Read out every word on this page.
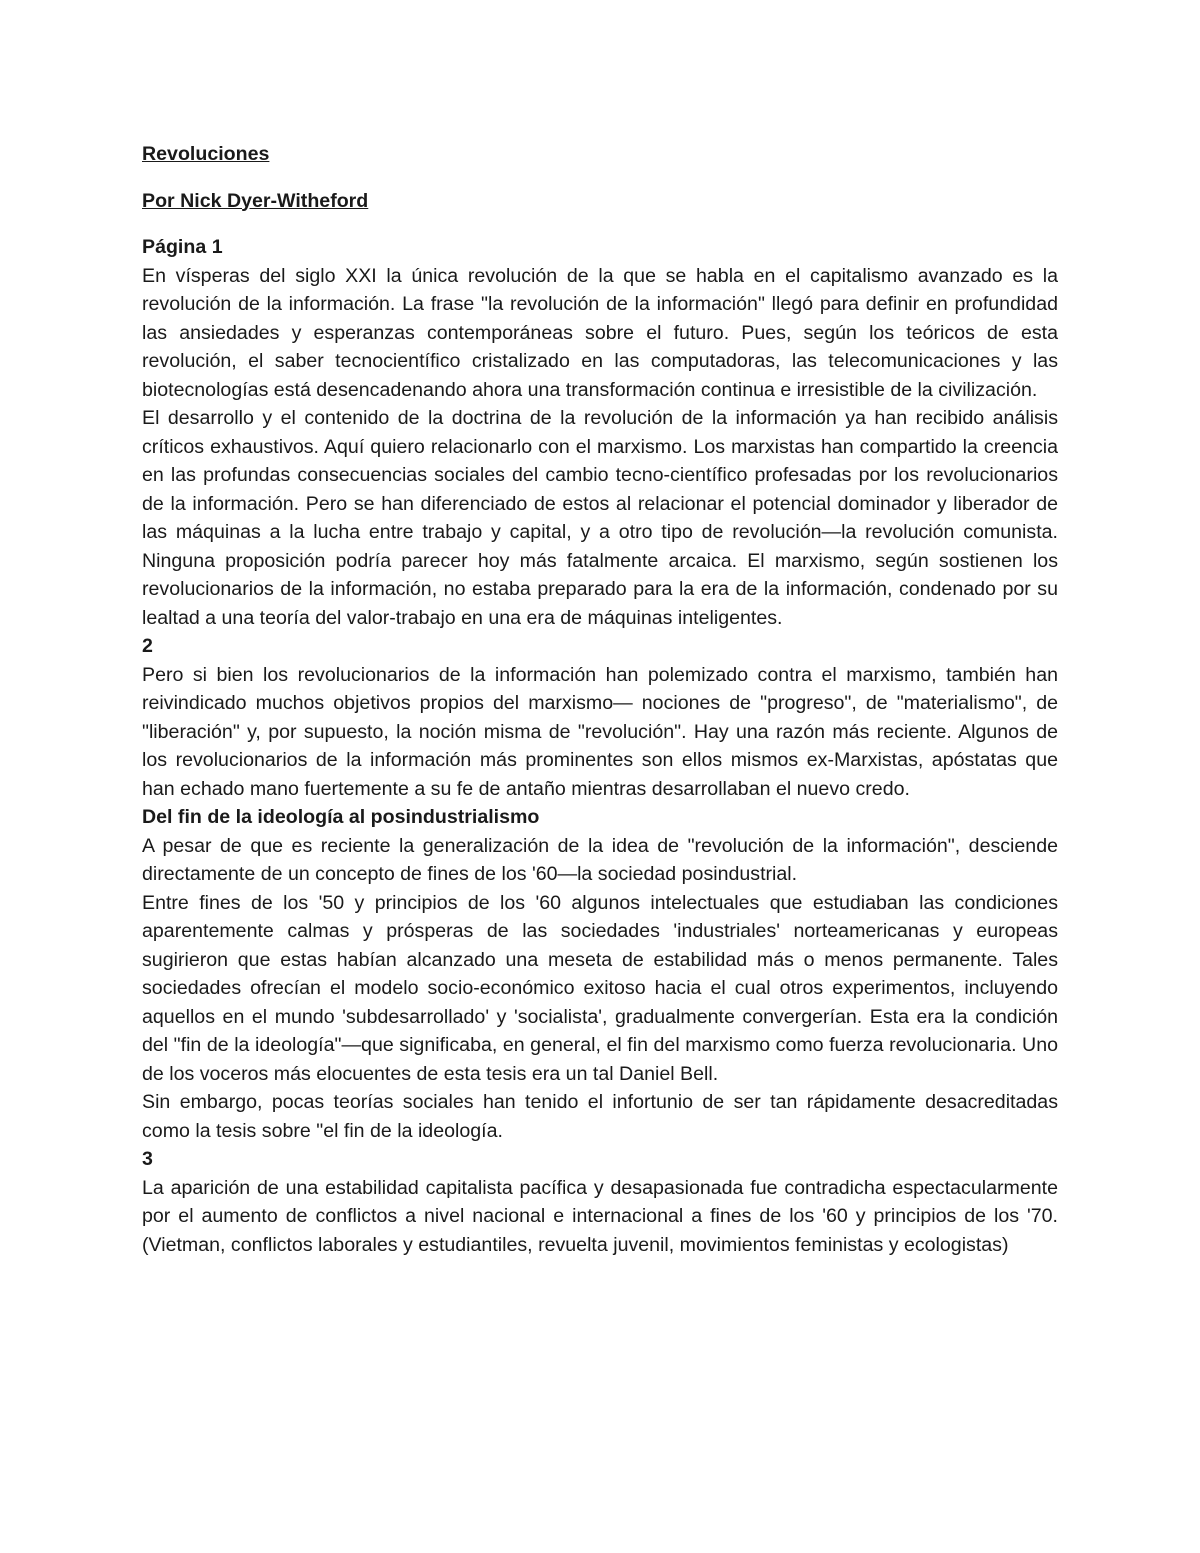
Revoluciones
Por Nick Dyer-Witheford
Página 1

En vísperas del siglo XXI la única revolución de la que se habla en el capitalismo avanzado es la revolución de la información. La frase "la revolución de la información" llegó para definir en profundidad las ansiedades y esperanzas contemporáneas sobre el futuro. Pues, según los teóricos de esta revolución, el saber tecnocientífico cristalizado en las computadoras, las telecomunicaciones y las biotecnologías está desencadenando ahora una transformación continua e irresistible de la civilización.

El desarrollo y el contenido de la doctrina de la revolución de la información ya han recibido análisis críticos exhaustivos. Aquí quiero relacionarlo con el marxismo. Los marxistas han compartido la creencia en las profundas consecuencias sociales del cambio tecno-científico profesadas por los revolucionarios de la información. Pero se han diferenciado de estos al relacionar el potencial dominador y liberador de las máquinas a la lucha entre trabajo y capital, y a otro tipo de revolución—la revolución comunista. Ninguna proposición podría parecer hoy más fatalmente arcaica. El marxismo, según sostienen los revolucionarios de la información, no estaba preparado para la era de la información, condenado por su lealtad a una teoría del valor-trabajo en una era de máquinas inteligentes.

2

Pero si bien los revolucionarios de la información han polemizado contra el marxismo, también han reivindicado muchos objetivos propios del marxismo— nociones de "progreso", de "materialismo", de "liberación" y, por supuesto, la noción misma de "revolución". Hay una razón más reciente. Algunos de los revolucionarios de la información más prominentes son ellos mismos ex-Marxistas, apóstatas que han echado mano fuertemente a su fe de antaño mientras desarrollaban el nuevo credo.

Del fin de la ideología al posindustrialismo

A pesar de que es reciente la generalización de la idea de "revolución de la información", desciende directamente de un concepto de fines de los '60—la sociedad posindustrial.

Entre fines de los '50 y principios de los '60 algunos intelectuales que estudiaban las condiciones aparentemente calmas y prósperas de las sociedades 'industriales' norteamericanas y europeas sugirieron que estas habían alcanzado una meseta de estabilidad más o menos permanente. Tales sociedades ofrecían el modelo socio-económico exitoso hacia el cual otros experimentos, incluyendo aquellos en el mundo 'subdesarrollado' y 'socialista', gradualmente convergerían. Esta era la condición del "fin de la ideología"—que significaba, en general, el fin del marxismo como fuerza revolucionaria. Uno de los voceros más elocuentes de esta tesis era un tal Daniel Bell.

Sin embargo, pocas teorías sociales han tenido el infortunio de ser tan rápidamente desacreditadas como la tesis sobre "el fin de la ideología.

3

La aparición de una estabilidad capitalista pacífica y desapasionada fue contradicha espectacularmente por el aumento de conflictos a nivel nacional e internacional a fines de los '60 y principios de los '70. (Vietman, conflictos laborales y estudiantiles, revuelta juvenil, movimientos feministas y ecologistas)
